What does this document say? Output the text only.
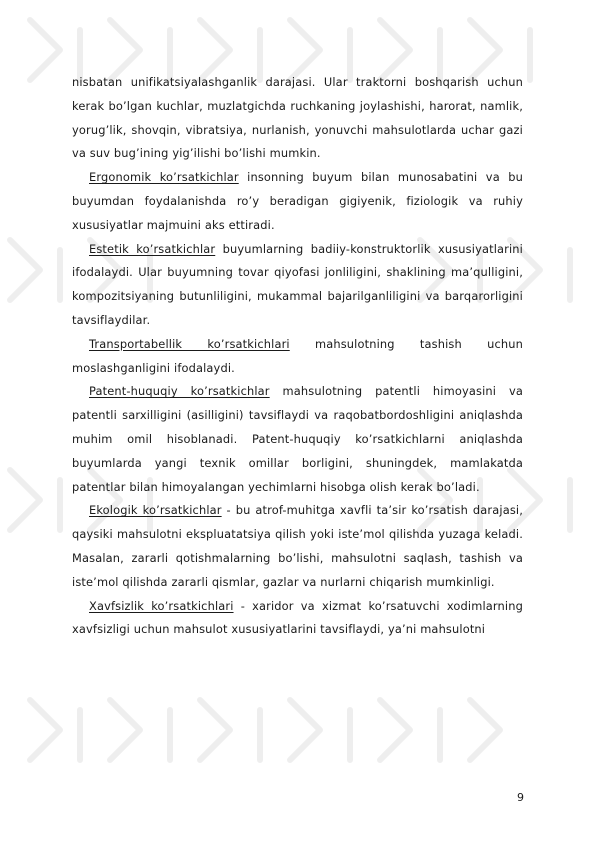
nisbatan unifikatsiyalashganlik darajasi. Ular traktorni boshqarish uchun kerak bo’lgan kuchlar, muzlatgichda ruchkaning joylashishi, harorat, namlik, yorug’lik, shovqin, vibratsiya, nurlanish, yonuvchi mahsulotlarda uchar gazi va suv bug’ining yig’ilishi bo’lishi mumkin.

Ergonomik ko’rsatkichlar insonning buyum bilan munosabatini va bu buyumdan foydalanishda ro’y beradigan gigiyenik, fiziologik va ruhiy xususiyatlar majmuini aks ettiradi.

Estetik ko’rsatkichlar buyumlarning badiiy-konstruktorlik xususiyatlarini ifodalaydi. Ular buyumning tovar qiyofasi jonliligini, shaklining ma’qulligini, kompozitsiyaning butunliligini, mukammal bajarilganliligini va barqarorligini tavsiflaydilar.

Transportabellik ko’rsatkichlari mahsulotning tashish uchun moslashganligini ifodalaydi.

Patent-huquqiy ko’rsatkichlar mahsulotning patentli himoyasini va patentli sarxilligini (asilligini) tavsiflaydi va raqobatbordoshligini aniqlashda muhim omil hisoblanadi. Patent-huquqiy ko’rsatkichlarni aniqlashda buyumlarda yangi texnik omillar borligini, shuningdek, mamlakatda patentlar bilan himoyalangan yechimlarni hisobga olish kerak bo’ladi.

Ekologik ko’rsatkichlar - bu atrof-muhitga xavfli ta’sir ko’rsatish darajasi, qaysiki mahsulotni ekspluatatsiya qilish yoki iste’mol qilishda yuzaga keladi. Masalan, zararli qotishmalarning bo’lishi, mahsulotni saqlash, tashish va iste’mol qilishda zararli qismlar, gazlar va nurlarni chiqarish mumkinligi.

Xavfsizlik ko’rsatkichlari - xaridor va xizmat ko’rsatuvchi xodimlarning xavfsizligi uchun mahsulot xususiyatlarini tavsiflaydi, ya’ni mahsulotni

9
